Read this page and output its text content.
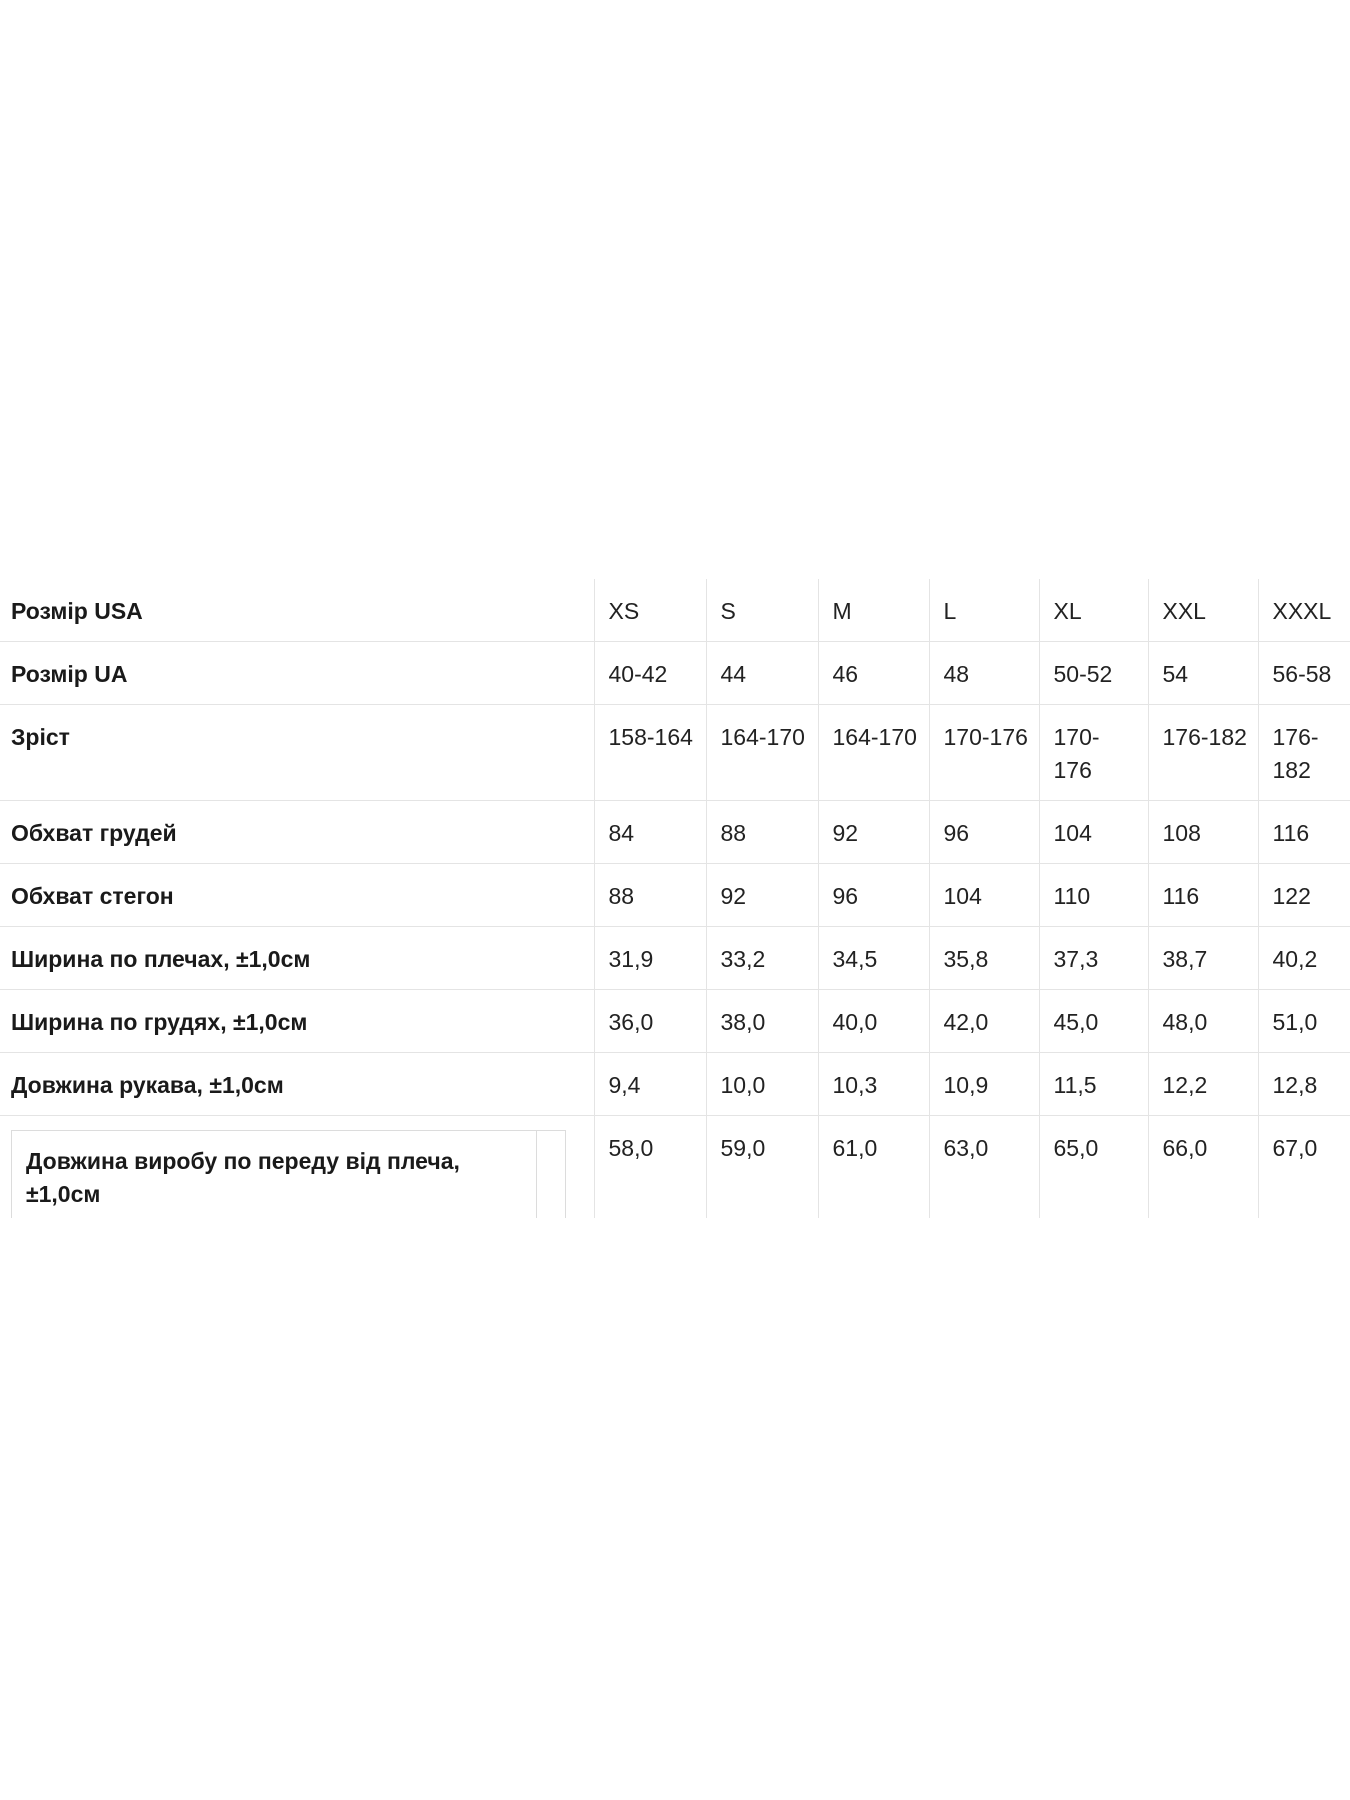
Розмір USA	XS	S	M	L	XL	XXL	XXXL
Розмір UA	40-42	44	46	48	50-52	54	56-58
Зріст	158-164	164-170	164-170	170-176	170-176	176-182	176-182
Обхват грудей	84	88	92	96	104	108	116
Обхват стегон	88	92	96	104	110	116	122
Ширина по плечах, ±1,0см	31,9	33,2	34,5	35,8	37,3	38,7	40,2
Ширина по грудях, ±1,0см	36,0	38,0	40,0	42,0	45,0	48,0	51,0
Довжина рукава, ±1,0см	9,4	10,0	10,3	10,9	11,5	12,2	12,8

Довжина виробу по переду від плеча, ±1,0см	58,0	59,0	61,0	63,0	65,0	66,0	67,0
